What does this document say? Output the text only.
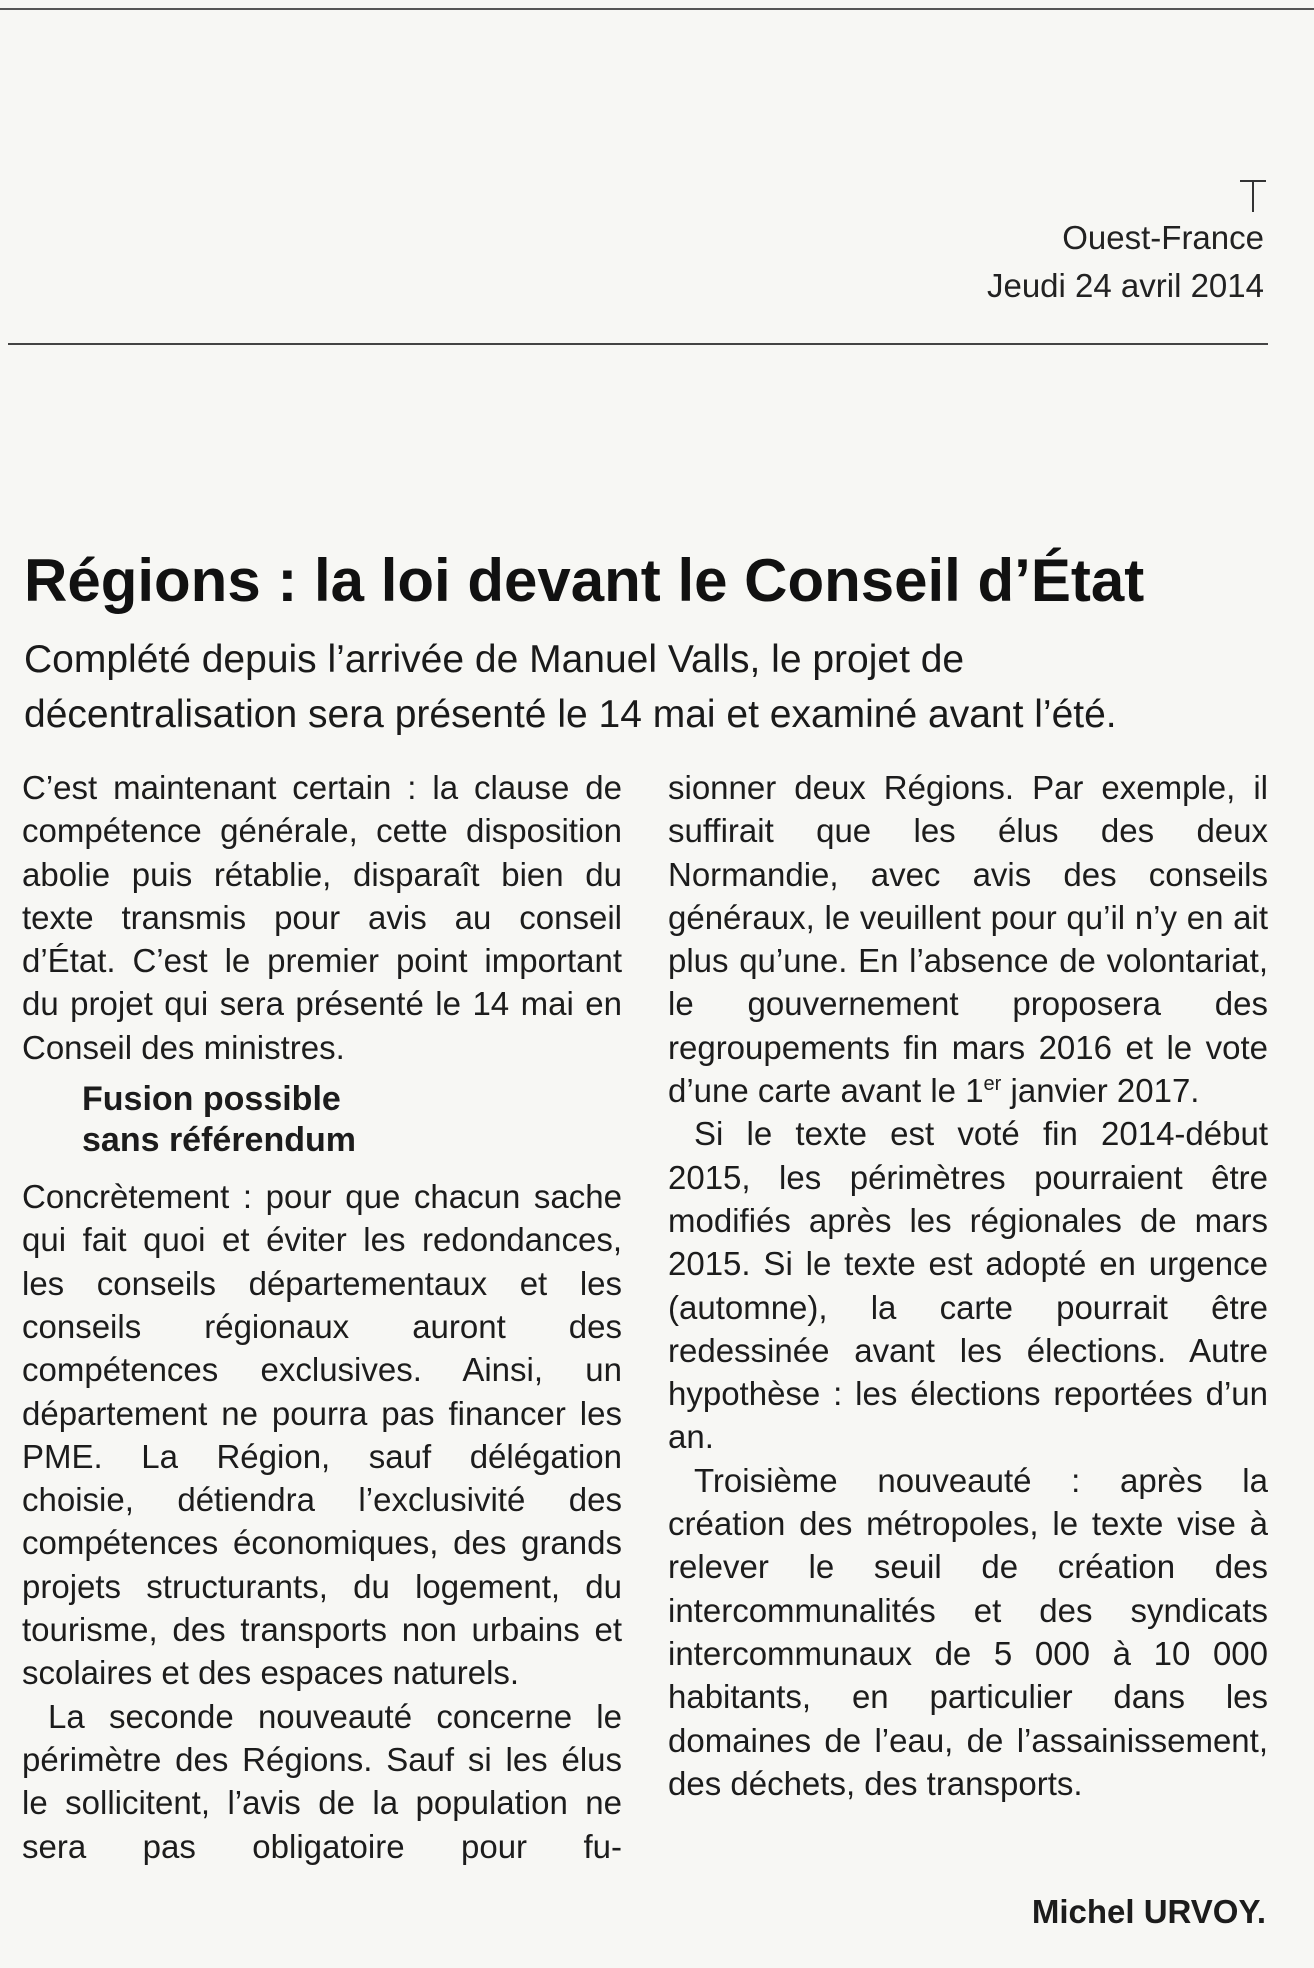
Ouest-France
Jeudi 24 avril 2014
Régions : la loi devant le Conseil d’État
Complété depuis l’arrivée de Manuel Valls, le projet de
décentralisation sera présenté le 14 mai et examiné avant l’été.

C’est maintenant certain : la clause de compétence générale, cette disposition abolie puis rétablie, disparaît bien du texte transmis pour avis au conseil d’État. C’est le premier point important du projet qui sera présenté le 14 mai en Conseil des ministres.

Fusion possible
sans référendum

Concrètement : pour que chacun sache qui fait quoi et éviter les redondances, les conseils départementaux et les conseils régionaux auront des compétences exclusives. Ainsi, un département ne pourra pas financer les PME. La Région, sauf délégation choisie, détiendra l’exclusivité des compétences économiques, des grands projets structurants, du logement, du tourisme, des transports non urbains et scolaires et des espaces naturels.

La seconde nouveauté concerne le périmètre des Régions. Sauf si les élus le sollicitent, l’avis de la population ne sera pas obligatoire pour fu-

sionner deux Régions. Par exemple, il suffirait que les élus des deux Normandie, avec avis des conseils généraux, le veuillent pour qu’il n’y en ait plus qu’une. En l’absence de volontariat, le gouvernement proposera des regroupements fin mars 2016 et le vote d’une carte avant le 1er janvier 2017.

Si le texte est voté fin 2014-début 2015, les périmètres pourraient être modifiés après les régionales de mars 2015. Si le texte est adopté en urgence (automne), la carte pourrait être redessinée avant les élections. Autre hypothèse : les élections reportées d’un an.

Troisième nouveauté : après la création des métropoles, le texte vise à relever le seuil de création des intercommunalités et des syndicats intercommunaux de 5 000 à 10 000 habitants, en particulier dans les domaines de l’eau, de l’assainissement, des déchets, des transports.

Michel URVOY.
